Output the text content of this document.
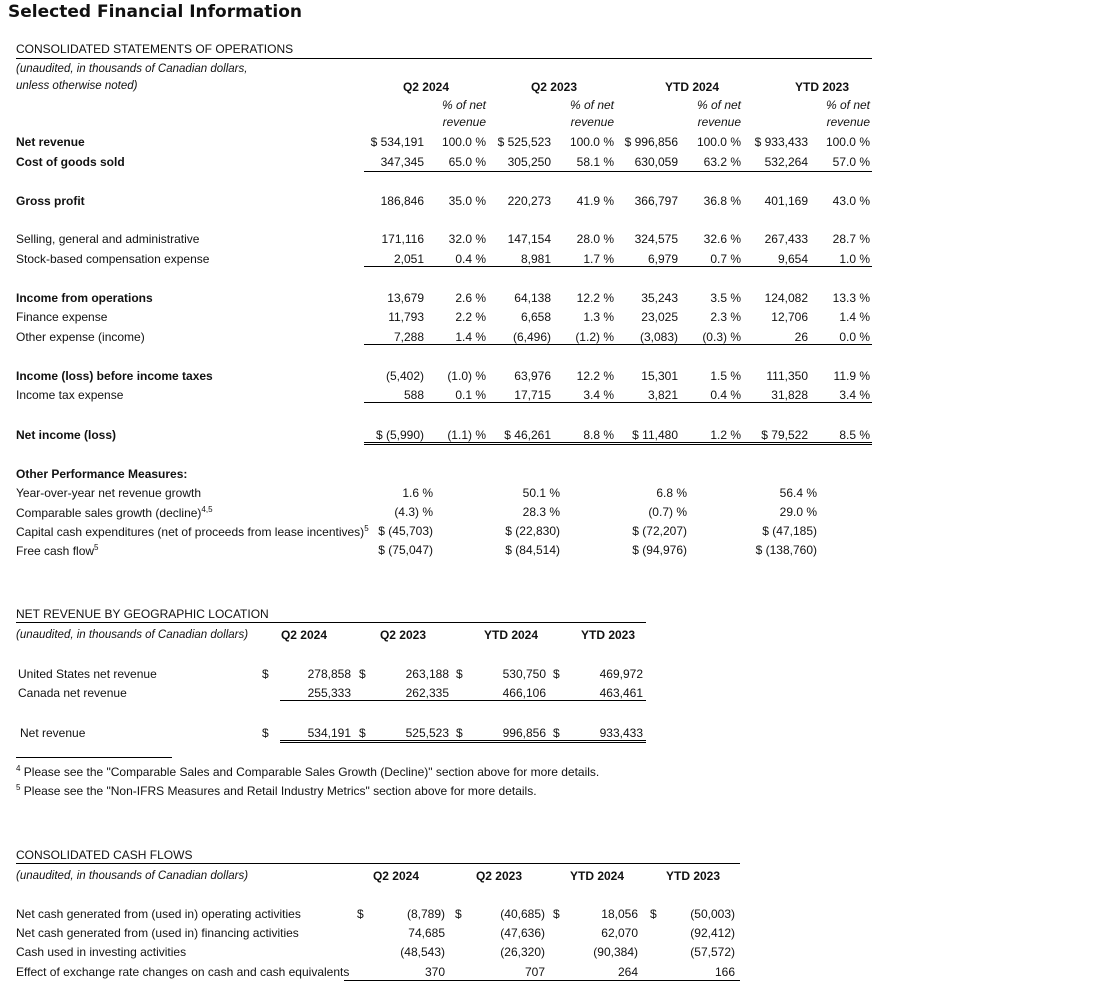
Selected Financial Information
CONSOLIDATED STATEMENTS OF OPERATIONS
(unaudited, in thousands of Canadian dollars,
unless otherwise noted)	Q2 2024
% of net
revenue
Q2 2023
% of net
revenue
YTD 2024
% of net
revenue
YTD 2023
% of net
revenue
Net revenue	$ 534,191	100.0 % $ 525,523	100.0 % $ 996,856	100.0 %	$ 933,433	100.0 %
Cost of goods sold	347,345	65.0 %	305,250	58.1 %	630,059	63.2 %	532,264	57.0 %
Gross profit	186,846	35.0 %	220,273	41.9 %	366,797	36.8 %	401,169	43.0 %
Selling, general and administrative	171,116	32.0 %	147,154	28.0 %	324,575	32.6 %	267,433	28.7 %
Stock-based compensation expense	2,051	0.4 %	8,981	1.7 %	6,979	0.7 %	9,654	1.0 %
Income from operations	13,679	2.6 %	64,138	12.2 %	35,243	3.5 %	124,082	13.3 %
Finance expense	11,793	2.2 %	6,658	1.3 %	23,025	2.3 %	12,706	1.4 %
Other expense (income)	7,288	1.4 %	(6,496)	(1.2) %	(3,083)	(0.3) %	26	0.0 %
Income (loss) before income taxes	(5,402)	(1.0) %	63,976	12.2 %	15,301	1.5 %	111,350	11.9 %
Income tax expense	588	0.1 %	17,715	3.4 %	3,821	0.4 %	31,828	3.4 %
Net income (loss)	$ (5,990)	(1.1) %	$ 46,261	8.8 %	$ 11,480	1.2 %	$ 79,522	8.5 %
Other Performance Measures:
Year-over-year net revenue growth	1.6 %	50.1 %	6.8 %	56.4 %
Comparable sales growth (decline)$^{4,5}$	(4.3) %	28.3 %	(0.7) %	29.0 %
Capital cash expenditures (net of proceeds from lease incentives)$^5$ $ (45,703)	$ (22,830)	$ (72,207)	$ (47,185)
Free cash flow$^5$	$ (75,047)	$ (84,514)	$ (94,976)	$ (138,760)
NET REVENUE BY GEOGRAPHIC LOCATION
(unaudited, in thousands of Canadian dollars)	Q2 2024	Q2 2023	YTD 2024	YTD 2023
United States net revenue	$	278,858 $	263,188 $	530,750 $	469,972
Canada net revenue	255,333	262,335	466,106	463,461
Net revenue	$	534,191 $	525,523 $	996,856 $	933,433
$^4$ Please see the "Comparable Sales and Comparable Sales Growth (Decline)" section above for more details.
$^5$ Please see the "Non-IFRS Measures and Retail Industry Metrics" section above for more details.
CONSOLIDATED CASH FLOWS
(unaudited, in thousands of Canadian dollars)	Q2 2024	Q2 2023	YTD 2024	YTD 2023
Net cash generated from (used in) operating activities	$	(8,789) $	(40,685) $	18,056 $	(50,003)
Net cash generated from (used in) financing activities	74,685	(47,636)	62,070	(92,412)
Cash used in investing activities	(48,543)	(26,320)	(90,384)	(57,572)
Effect of exchange rate changes on cash and cash equivalents	370	707	264	166
